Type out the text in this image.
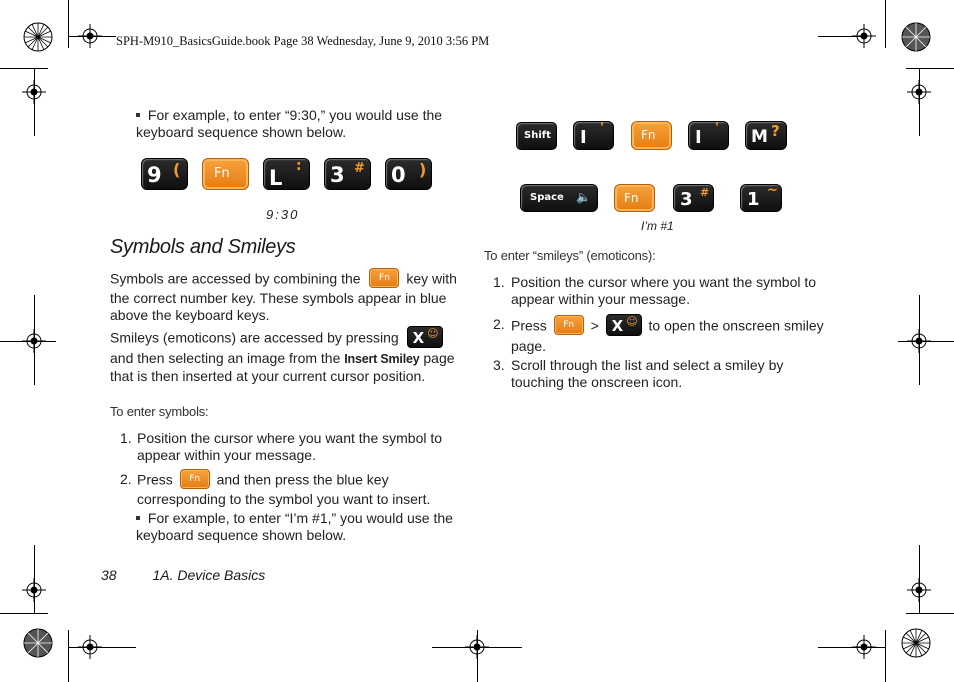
SPH-M910_BasicsGuide.book Page 38 Wednesday, June 9, 2010 3:56 PM
For example, to enter “9:30,” you would use the keyboard sequence shown below.
9 (	Fn L : 3 # 0 )
9:30
Symbols and Smileys
Symbols are accessed by combining the Fn key with the correct number key. These symbols appear in blue above the keyboard keys.
Smileys (emoticons) are accessed by pressing X ☺
and then selecting an image from the Insert Smiley page that is then inserted at your current cursor position.
To enter symbols:
1. Position the cursor where you want the symbol to appear within your message.
2. Press Fn and then press the blue key corresponding to the symbol you want to insert.
For example, to enter “I’m #1,” you would use the keyboard sequence shown below.
38	1A. Device Basics
Shift I '	Fn I ' M ?
Space 🔈	Fn 3 # 1 ~
I’m #1
To enter “smileys” (emoticons):
1. Position the cursor where you want the symbol to appear within your message.
2. Press Fn > X ☺ to open the onscreen smiley page.
3. Scroll through the list and select a smiley by touching the onscreen icon.
